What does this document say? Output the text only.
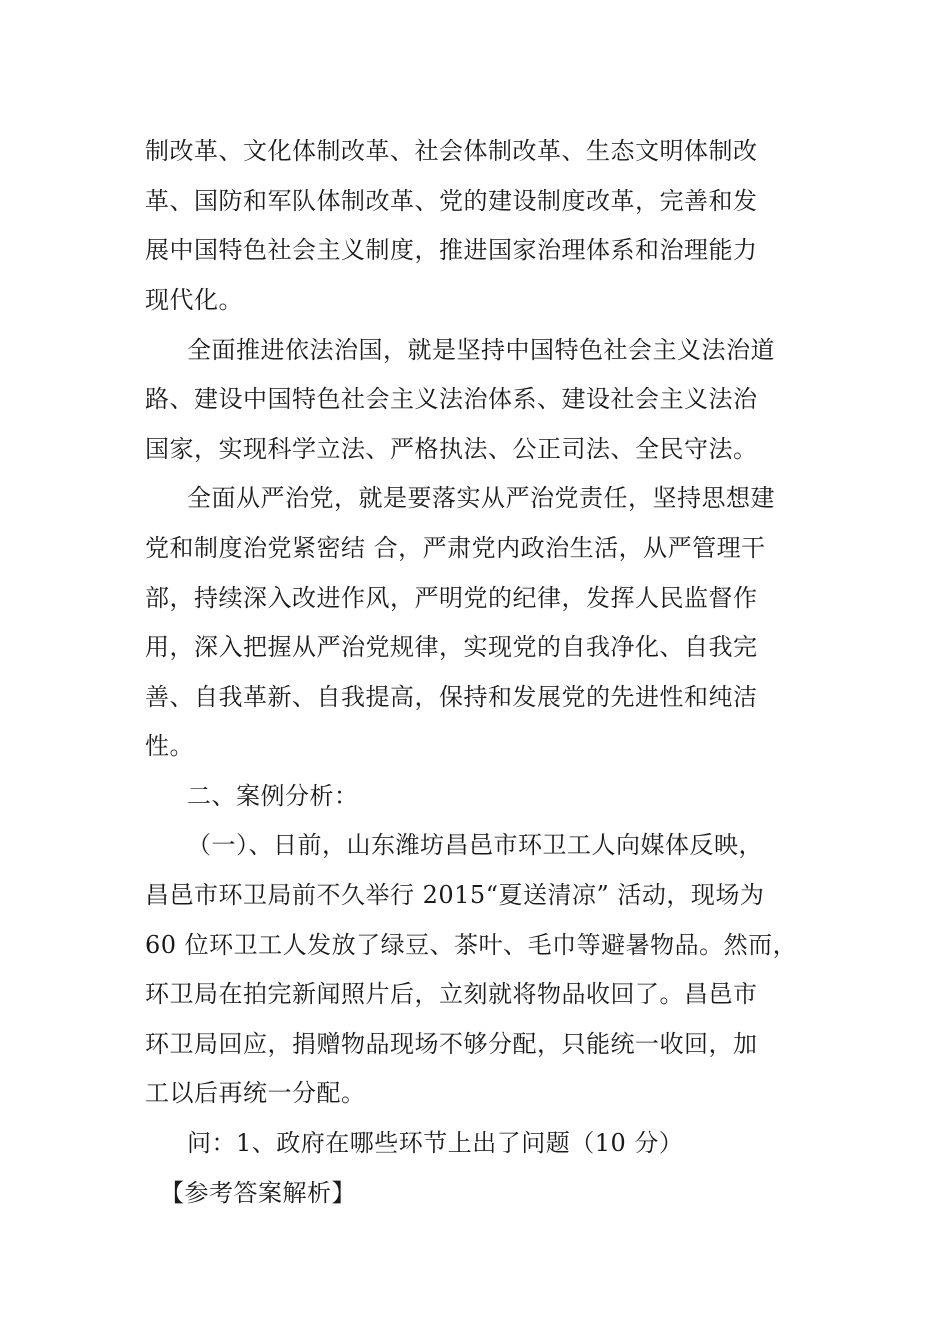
制改革、文化体制改革、社会体制改革、生态文明体制改
革、国防和军队体制改革、党的建设制度改革，完善和发
展中国特色社会主义制度，推进国家治理体系和治理能力
现代化。
全面推进依法治国，就是坚持中国特色社会主义法治道
路、建设中国特色社会主义法治体系、建设社会主义法治
国家，实现科学立法、严格执法、公正司法、全民守法。
全面从严治党，就是要落实从严治党责任，坚持思想建
党和制度治党紧密结 合，严肃党内政治生活，从严管理干
部，持续深入改进作风，严明党的纪律，发挥人民监督作
用，深入把握从严治党规律，实现党的自我净化、自我完
善、自我革新、自我提高，保持和发展党的先进性和纯洁
性。
二、案例分析：
（一）、日前，山东潍坊昌邑市环卫工人向媒体反映，
昌邑市环卫局前不久举行 2015“夏送清凉” 活动，现场为
60 位环卫工人发放了绿豆、茶叶、毛巾等避暑物品。然而，
环卫局在拍完新闻照片后，立刻就将物品收回了。昌邑市
环卫局回应，捐赠物品现场不够分配，只能统一收回，加
工以后再统一分配。
问：1、政府在哪些环节上出了问题（10 分）
【参考答案解析】
